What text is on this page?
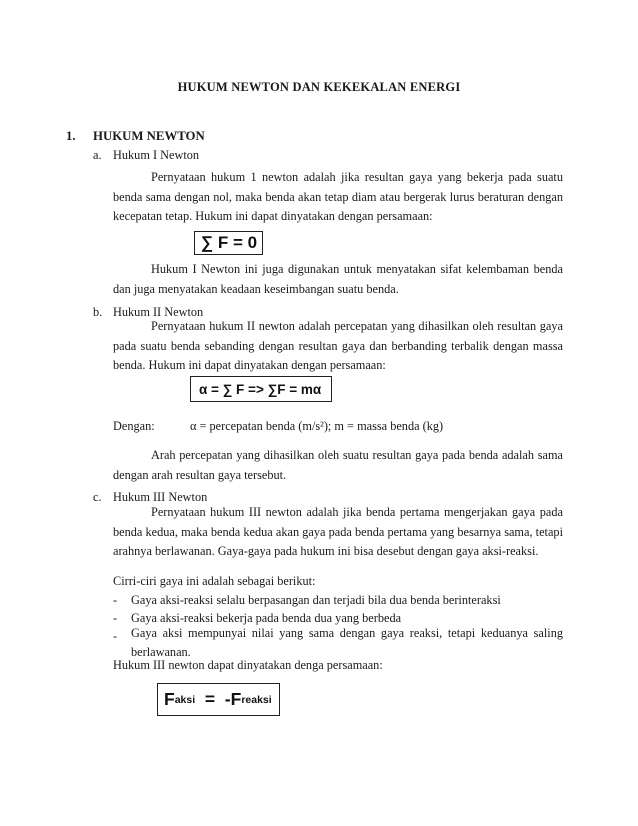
HUKUM NEWTON DAN KEKEKALAN ENERGI
1. HUKUM NEWTON
a. Hukum I Newton
Pernyataan hukum 1 newton adalah jika resultan gaya yang bekerja pada suatu benda sama dengan nol, maka benda akan tetap diam atau bergerak lurus beraturan dengan kecepatan tetap. Hukum ini dapat dinyatakan dengan persamaan:
∑ F = 0
Hukum I Newton ini juga digunakan untuk menyatakan sifat kelembaman benda dan juga menyatakan keadaan keseimbangan suatu benda.
b. Hukum II Newton
Pernyataan hukum II newton adalah percepatan yang dihasilkan oleh resultan gaya pada suatu benda sebanding dengan resultan gaya dan berbanding terbalik dengan massa benda. Hukum ini dapat dinyatakan dengan persamaan:
α = ∑ F => ∑F = mα
Dengan:	α = percepatan benda (m/s²); m = massa benda (kg)
Arah percepatan yang dihasilkan oleh suatu resultan gaya pada benda adalah sama dengan arah resultan gaya tersebut.
c. Hukum III Newton
Pernyataan hukum III newton adalah jika benda pertama mengerjakan gaya pada benda kedua, maka benda kedua akan gaya pada benda pertama yang besarnya sama, tetapi arahnya berlawanan. Gaya-gaya pada hukum ini bisa desebut dengan gaya aksi-reaksi.
Cirri-ciri gaya ini adalah sebagai berikut:
- Gaya aksi-reaksi selalu berpasangan dan terjadi bila dua benda berinteraksi
- Gaya aksi-reaksi bekerja pada benda dua yang berbeda
- Gaya aksi mempunyai nilai yang sama dengan gaya reaksi, tetapi keduanya saling berlawanan.
Hukum III newton dapat dinyatakan denga persamaan:
F aksi =  -F reaksi
